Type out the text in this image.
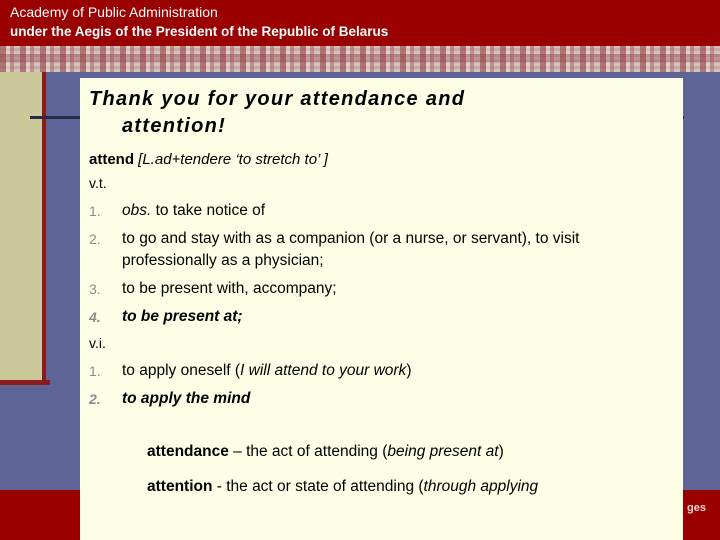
Academy of Public Administration
under the Aegis of the President of the Republic of Belarus
ges
Thank you for your attendance and
attention!
attend [L.ad+tendere ‘to stretch to’ ]
v.t.
1.	obs. to take notice of
2.	to go and stay with as a companion (or a nurse, or servant), to visit professionally as a physician;
3.	to be present with, accompany;
4.	to be present at;
v.i.
1.	to apply oneself (I will attend to your work)
2.	to apply the mind
attendance – the act of attending (being present at)
attention - the act or state of attending (through applying
